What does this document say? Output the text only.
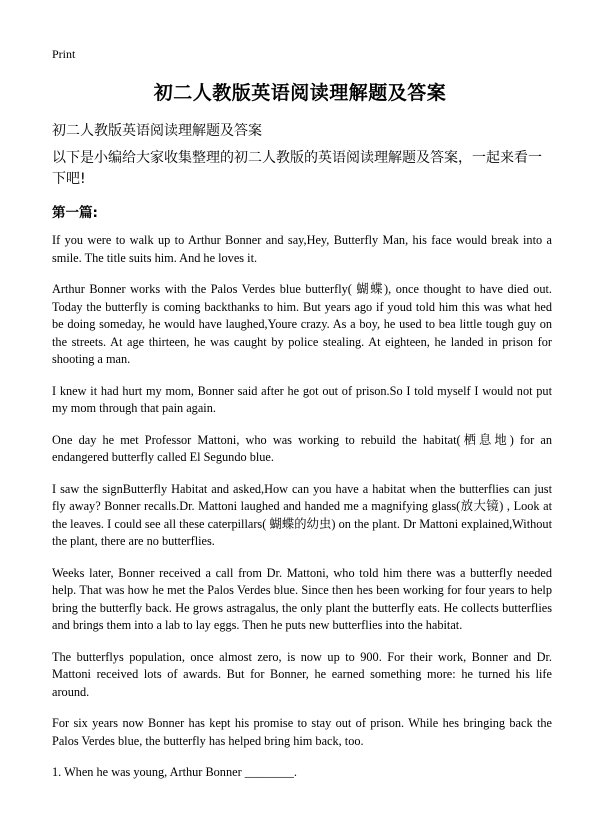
Print
初二人教版英语阅读理解题及答案
初二人教版英语阅读理解题及答案
以下是小编给大家收集整理的初二人教版的英语阅读理解题及答案，一起来看一下吧!
第一篇:

If you were to walk up to Arthur Bonner and say,Hey, Butterfly Man, his face would break into a smile. The title suits him. And he loves it.

Arthur Bonner works with the Palos Verdes blue butterfly( 蝴蝶), once thought to have died out. Today the butterfly is coming backthanks to him. But years ago if youd told him this was what hed be doing someday, he would have laughed,Youre crazy. As a boy, he used to bea little tough guy on the streets. At age thirteen, he was caught by police stealing. At eighteen, he landed in prison for shooting a man.

I knew it had hurt my mom, Bonner said after he got out of prison.So I told myself I would not put my mom through that pain again.

One day he met Professor Mattoni, who was working to rebuild the habitat(栖息地) for an endangered butterfly called El Segundo blue.

I saw the signButterfly Habitat and asked,How can you have a habitat when the butterflies can just fly away? Bonner recalls.Dr. Mattoni laughed and handed me a magnifying glass(放大镜) , Look at the leaves. I could see all these caterpillars( 蝴蝶的幼虫) on the plant. Dr Mattoni explained,Without the plant, there are no butterflies.

Weeks later, Bonner received a call from Dr. Mattoni, who told him there was a butterfly needed help. That was how he met the Palos Verdes blue. Since then hes been working for four years to help bring the butterfly back. He grows astragalus, the only plant the butterfly eats. He collects butterflies and brings them into a lab to lay eggs. Then he puts new butterflies into the habitat.

The butterflys population, once almost zero, is now up to 900. For their work, Bonner and Dr. Mattoni received lots of awards. But for Bonner, he earned something more: he turned his life around.

For six years now Bonner has kept his promise to stay out of prison. While hes bringing back the Palos Verdes blue, the butterfly has helped bring him back, too.

1. When he was young, Arthur Bonner ________.
